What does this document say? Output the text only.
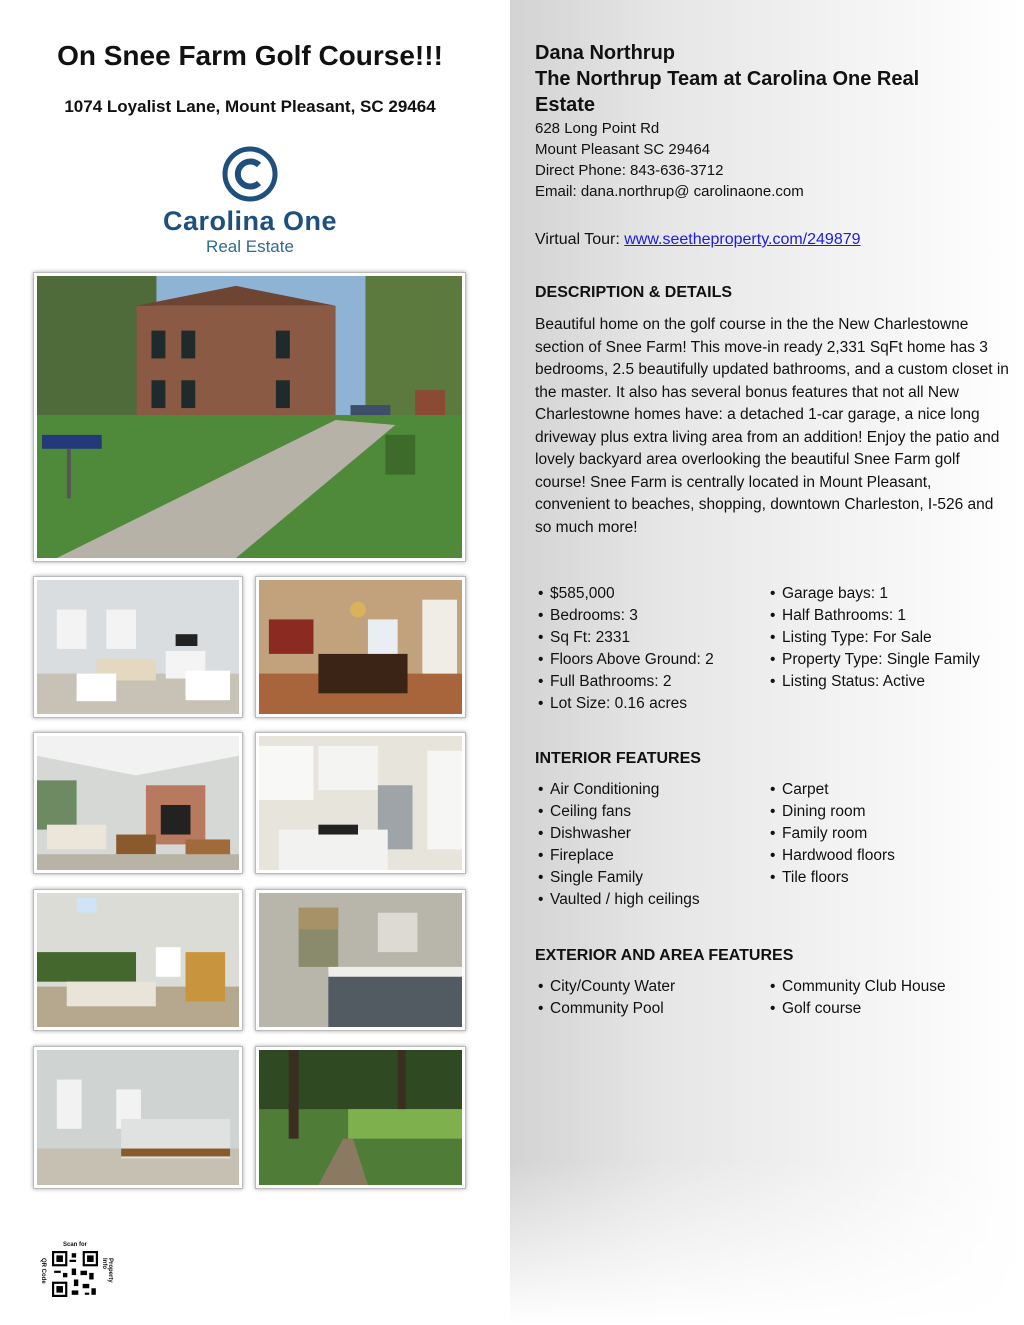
On Snee Farm Golf Course!!!
1074 Loyalist Lane, Mount Pleasant, SC 29464
Carolina One
Real Estate
Scan for
QR Code	Property Info
Dana Northrup
The Northrup Team at Carolina One Real
Estate
628 Long Point Rd
Mount Pleasant SC 29464
Direct Phone: 843-636-3712
Email: dana.northrup@ carolinaone.com
Virtual Tour: www.seetheproperty.com/249879
DESCRIPTION & DETAILS

Beautiful home on the golf course in the the New Charlestowne section of Snee Farm! This move-in ready 2,331 SqFt home has 3 bedrooms, 2.5 beautifully updated bathrooms, and a custom closet in the master. It also has several bonus features that not all New Charlestowne homes have: a detached 1-car garage, a nice long driveway plus extra living area from an addition! Enjoy the patio and lovely backyard area overlooking the beautiful Snee Farm golf course! Snee Farm is centrally located in Mount Pleasant, convenient to beaches, shopping, downtown Charleston, I-526 and so much more!

• $585,000
• Bedrooms: 3
• Sq Ft: 2331
• Floors Above Ground: 2
• Full Bathrooms: 2
• Lot Size: 0.16 acres
• Garage bays: 1
• Half Bathrooms: 1
• Listing Type: For Sale
• Property Type: Single Family
• Listing Status: Active
INTERIOR FEATURES
• Air Conditioning
• Ceiling fans
• Dishwasher
• Fireplace
• Single Family
• Vaulted / high ceilings
• Carpet
• Dining room
• Family room
• Hardwood floors
• Tile floors
EXTERIOR AND AREA FEATURES
• City/County Water
• Community Pool
• Community Club House
• Golf course
